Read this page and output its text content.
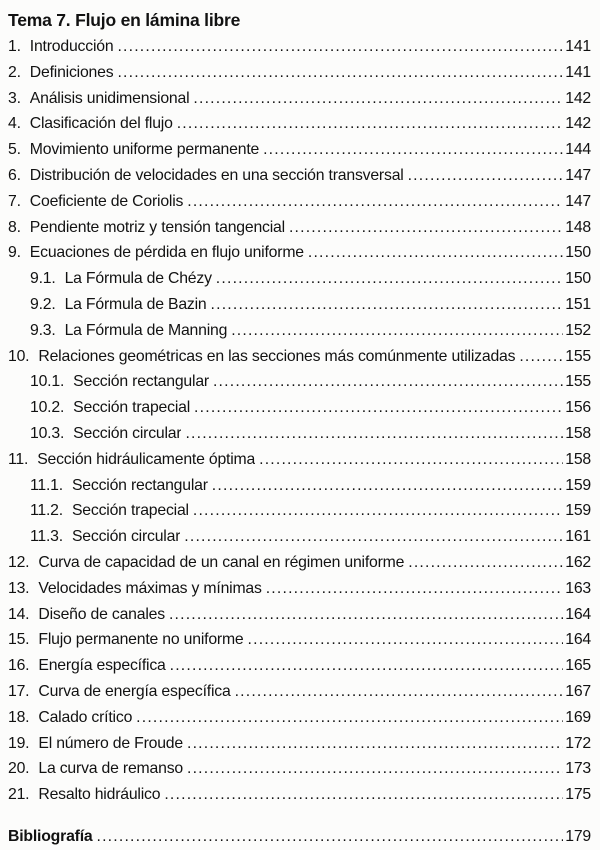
Tema 7. Flujo en lámina libre
1. Introducción .....	141
2. Definiciones .....	141
3. Análisis unidimensional .....	142
4. Clasificación del flujo .....	142
5. Movimiento uniforme permanente .....	144
6. Distribución de velocidades en una sección transversal .....	147
7. Coeficiente de Coriolis .....	147
8. Pendiente motriz y tensión tangencial .....	148
9. Ecuaciones de pérdida en flujo uniforme .....	150
9.1. La Fórmula de Chézy .....	150
9.2. La Fórmula de Bazin .....	151
9.3. La Fórmula de Manning .....	152
10. Relaciones geométricas en las secciones más comúnmente utilizadas .....	155
10.1. Sección rectangular .....	155
10.2. Sección trapecial .....	156
10.3. Sección circular .....	158
11. Sección hidráulicamente óptima .....	158
11.1. Sección rectangular .....	159
11.2. Sección trapecial .....	159
11.3. Sección circular .....	161
12. Curva de capacidad de un canal en régimen uniforme .....	162
13. Velocidades máximas y mínimas .....	163
14. Diseño de canales .....	164
15. Flujo permanente no uniforme .....	164
16. Energía específica .....	165
17. Curva de energía específica .....	167
18. Calado crítico .....	169
19. El número de Froude .....	172
20. La curva de remanso .....	173
21. Resalto hidráulico .....	175
Bibliografía .....	179
